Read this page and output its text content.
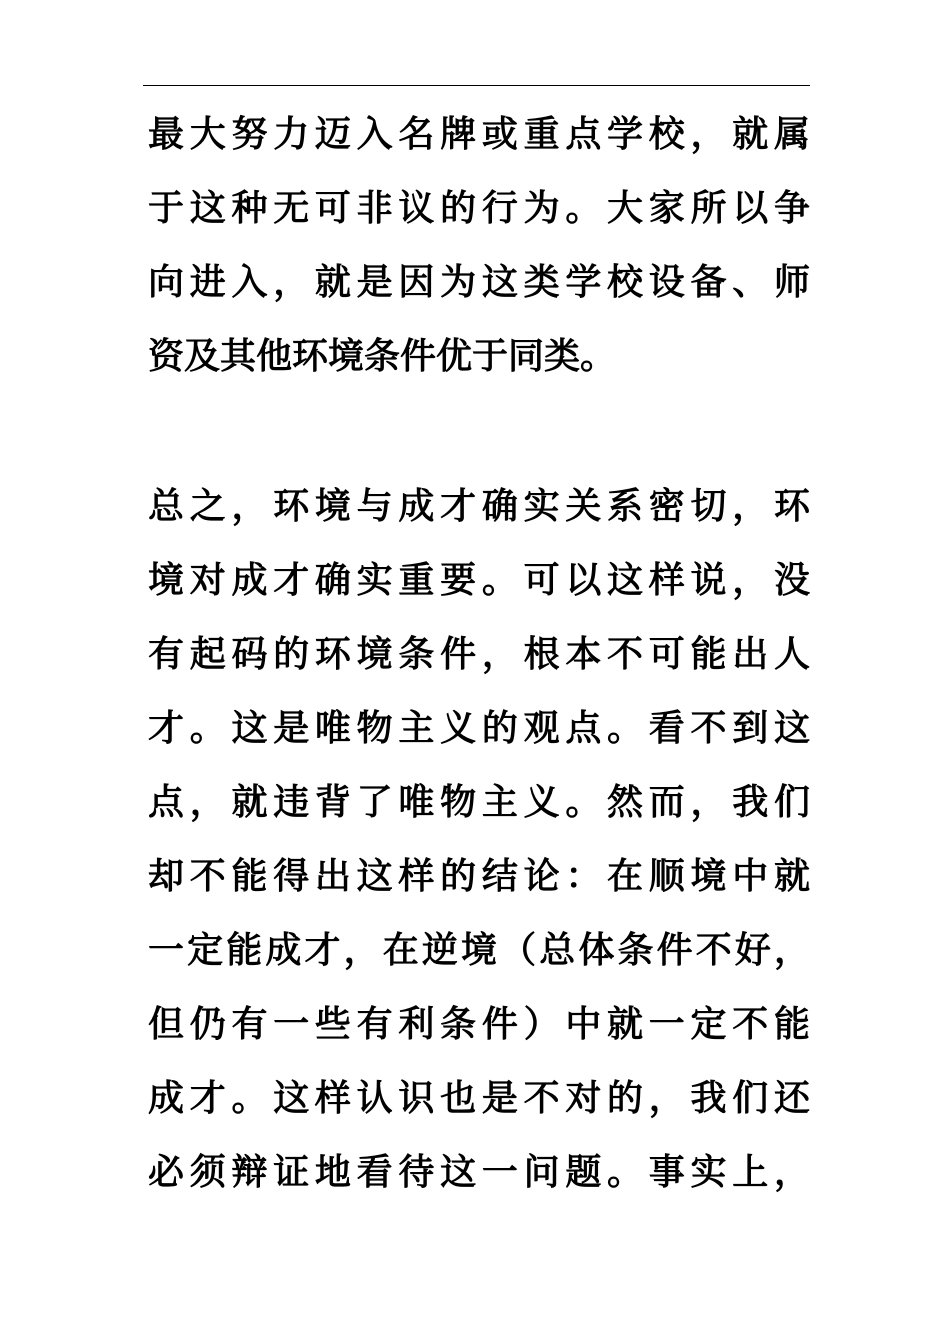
最大努力迈入名牌或重点学校，就属
于这种无可非议的行为。大家所以争
向进入，就是因为这类学校设备、师
资及其他环境条件优于同类。
总之，环境与成才确实关系密切，环
境对成才确实重要。可以这样说，没
有起码的环境条件，根本不可能出人
才。这是唯物主义的观点。看不到这
点，就违背了唯物主义。然而，我们
却不能得出这样的结论：在顺境中就
一定能成才，在逆境（总体条件不好，
但仍有一些有利条件）中就一定不能
成才。这样认识也是不对的，我们还
必须辩证地看待这一问题。事实上，
